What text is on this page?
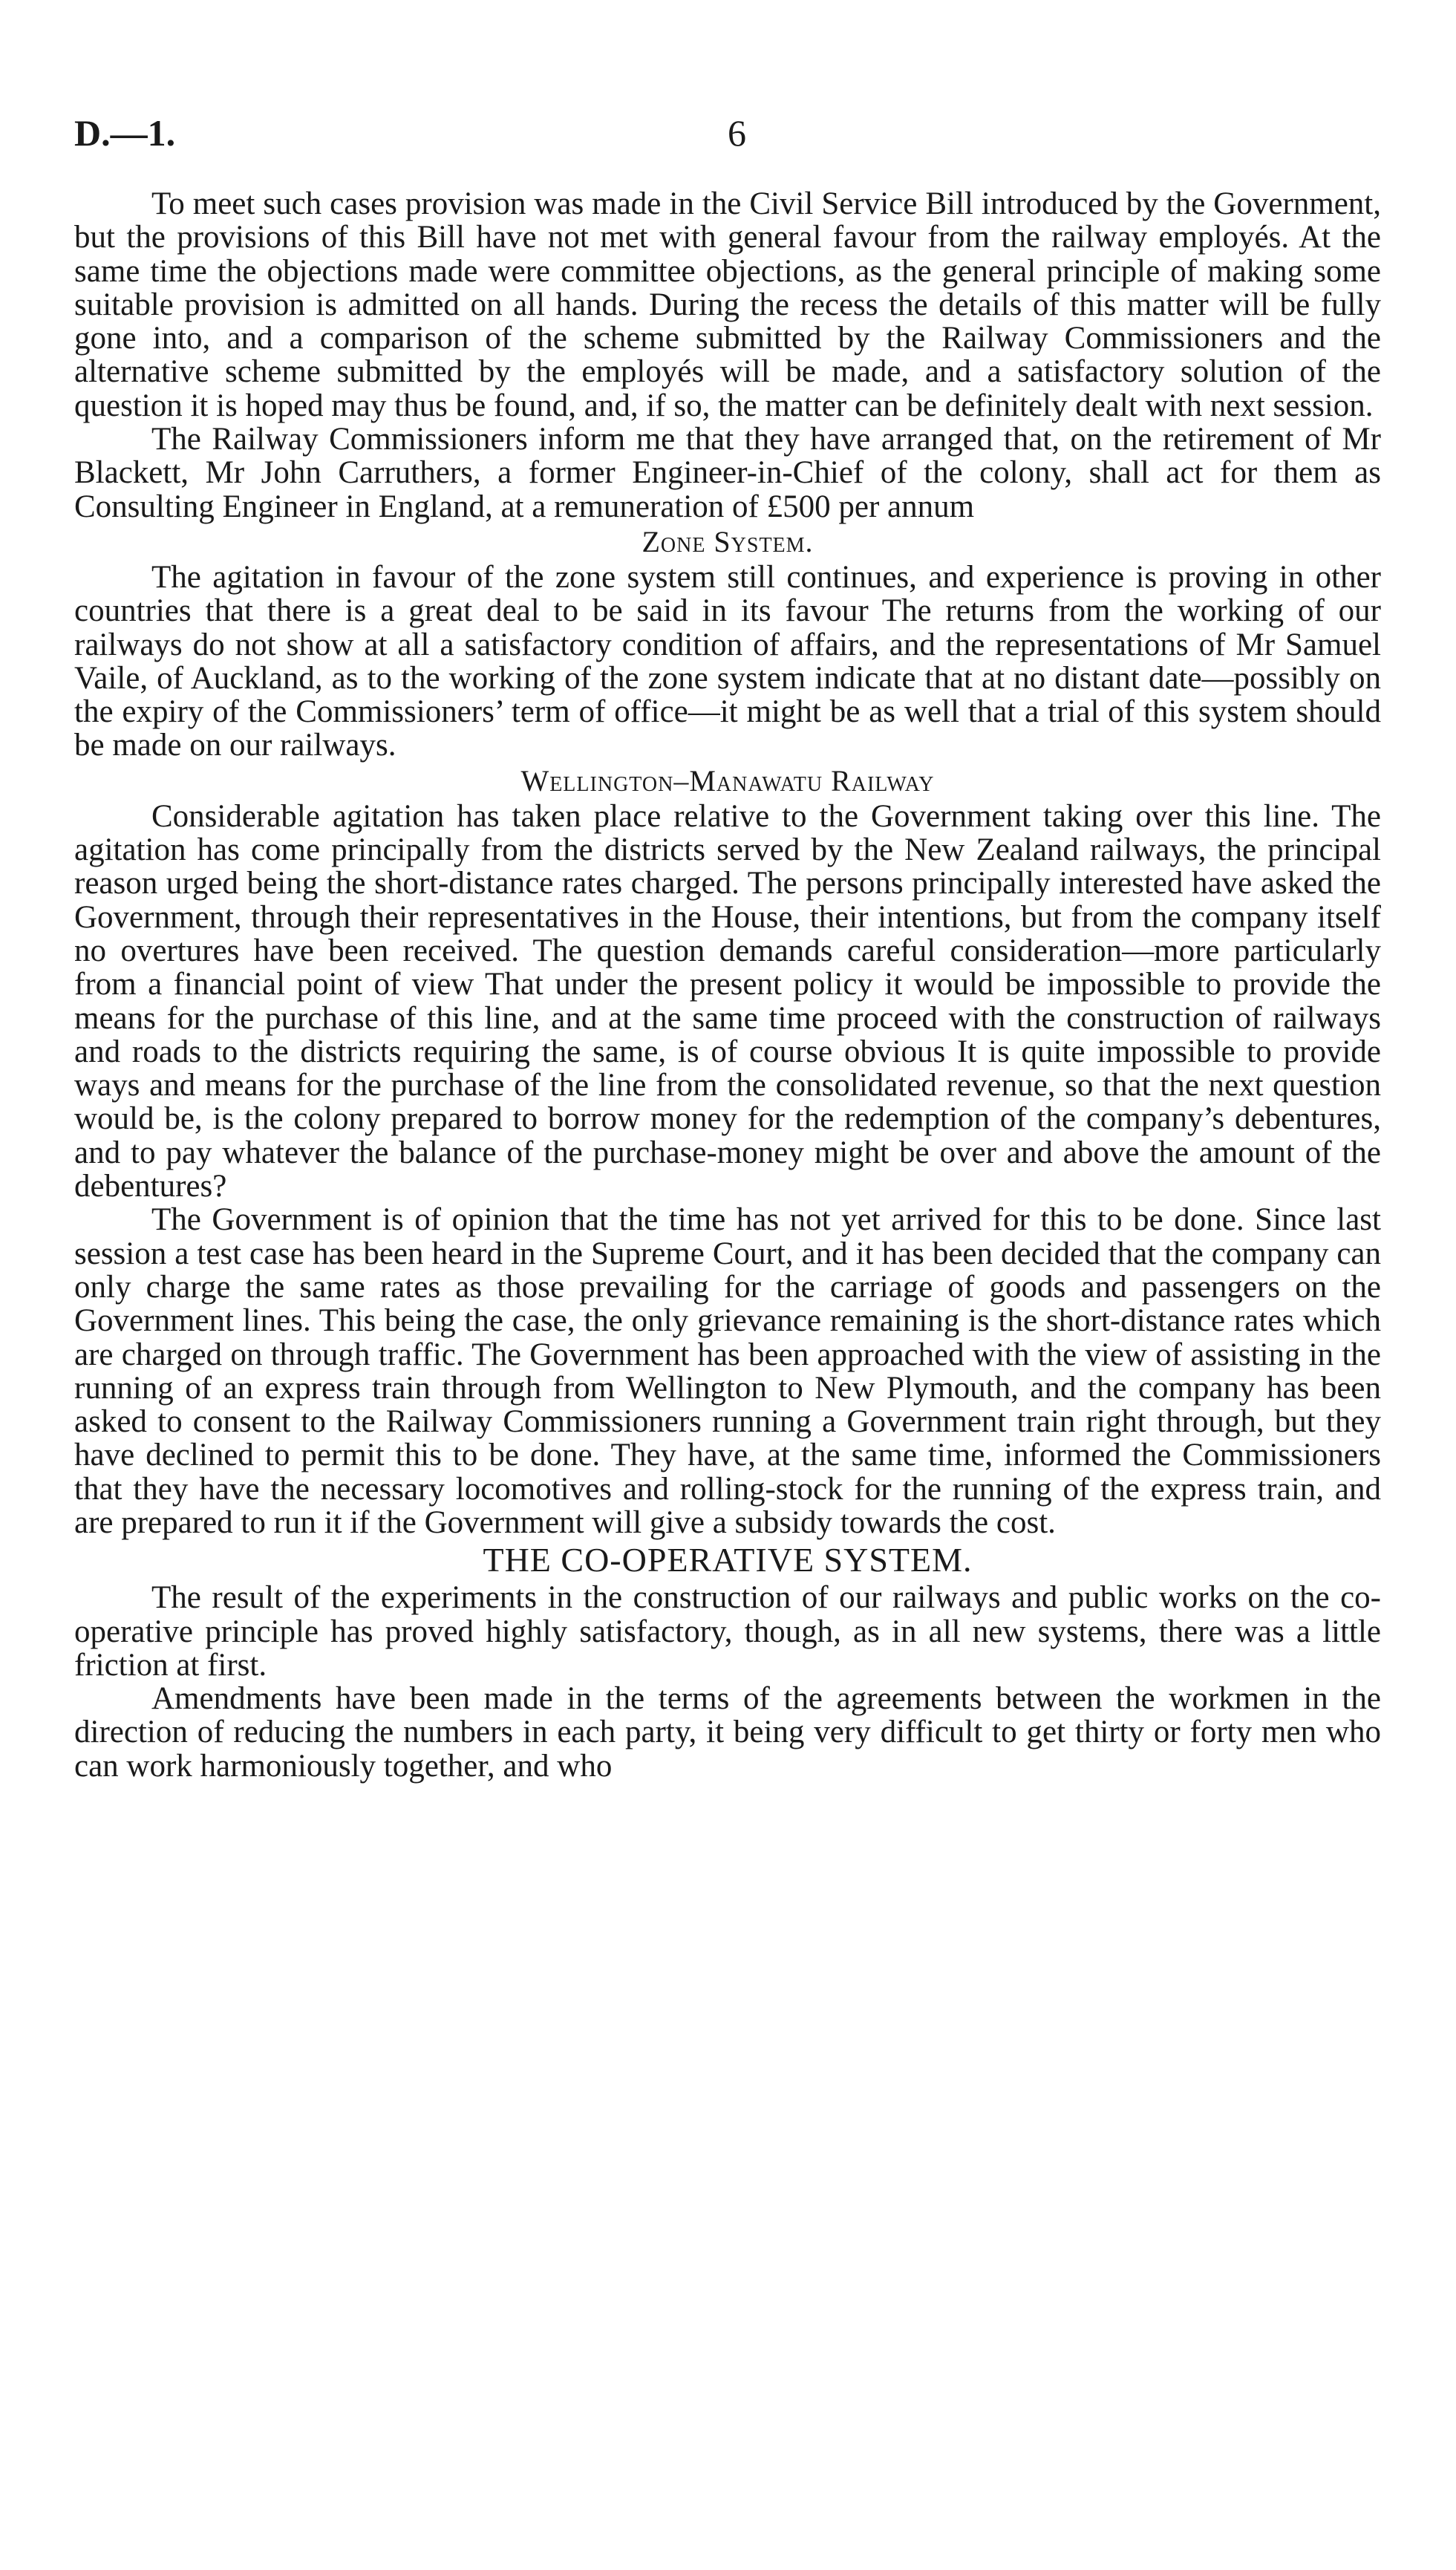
D.—1.	6

To meet such cases provision was made in the Civil Service Bill introduced by the Government, but the provisions of this Bill have not met with general favour from the railway employés. At the same time the objections made were committee objections, as the general principle of making some suitable provision is admitted on all hands. During the recess the details of this matter will be fully gone into, and a comparison of the scheme submitted by the Railway Commissioners and the alternative scheme submitted by the employés will be made, and a satisfactory solution of the question it is hoped may thus be found, and, if so, the matter can be definitely dealt with next session.

The Railway Commissioners inform me that they have arranged that, on the retirement of Mr Blackett, Mr John Carruthers, a former Engineer-in-Chief of the colony, shall act for them as Consulting Engineer in England, at a remuneration of £500 per annum

Zone System.

The agitation in favour of the zone system still continues, and experience is proving in other countries that there is a great deal to be said in its favour The returns from the working of our railways do not show at all a satisfactory condition of affairs, and the representations of Mr Samuel Vaile, of Auckland, as to the working of the zone system indicate that at no distant date—possibly on the expiry of the Commissioners’ term of office—it might be as well that a trial of this system should be made on our railways.

Wellington–Manawatu Railway

Considerable agitation has taken place relative to the Government taking over this line. The agitation has come principally from the districts served by the New Zealand railways, the principal reason urged being the short-distance rates charged. The persons principally interested have asked the Government, through their representatives in the House, their intentions, but from the company itself no overtures have been received. The question demands careful consideration—more particularly from a financial point of view That under the present policy it would be impossible to provide the means for the purchase of this line, and at the same time proceed with the construction of railways and roads to the districts requiring the same, is of course obvious It is quite impossible to provide ways and means for the purchase of the line from the consolidated revenue, so that the next question would be, is the colony prepared to borrow money for the redemption of the company’s debentures, and to pay whatever the balance of the purchase-money might be over and above the amount of the debentures?

The Government is of opinion that the time has not yet arrived for this to be done. Since last session a test case has been heard in the Supreme Court, and it has been decided that the company can only charge the same rates as those prevailing for the carriage of goods and passengers on the Government lines. This being the case, the only grievance remaining is the short-distance rates which are charged on through traffic. The Government has been approached with the view of assisting in the running of an express train through from Wellington to New Plymouth, and the company has been asked to consent to the Railway Commissioners running a Government train right through, but they have declined to permit this to be done. They have, at the same time, informed the Commissioners that they have the necessary locomotives and rolling-stock for the running of the express train, and are prepared to run it if the Government will give a subsidy towards the cost.

THE CO-OPERATIVE SYSTEM.

The result of the experiments in the construction of our railways and public works on the co-operative principle has proved highly satisfactory, though, as in all new systems, there was a little friction at first.

Amendments have been made in the terms of the agreements between the workmen in the direction of reducing the numbers in each party, it being very difficult to get thirty or forty men who can work harmoniously together, and who
